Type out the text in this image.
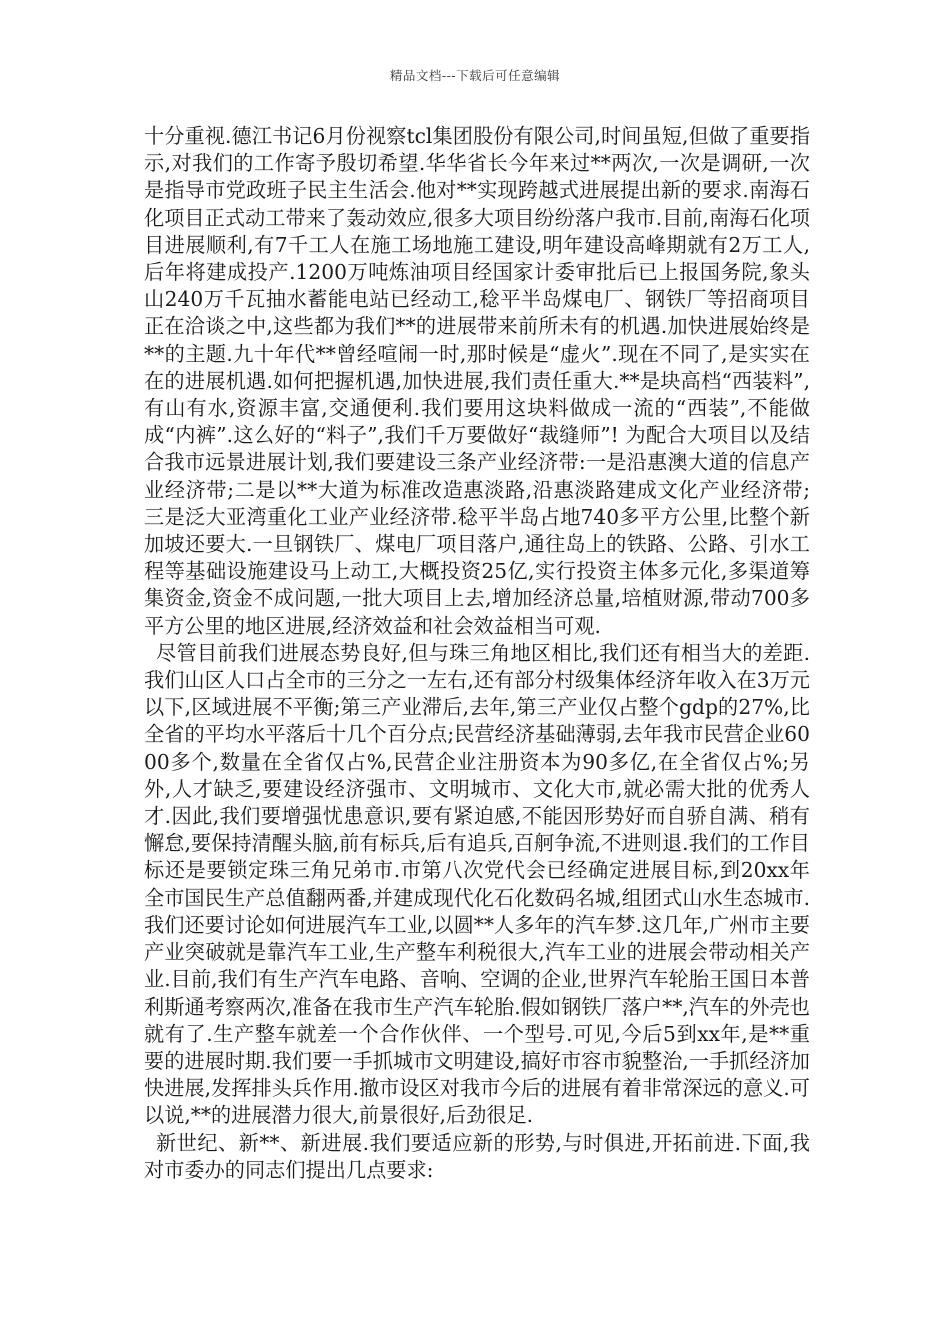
精品文档---下载后可任意编辑

十分重视.德江书记6月份视察tcl集团股份有限公司,时间虽短,但做了重要指示,对我们的工作寄予殷切希望.华华省长今年来过**两次,一次是调研,一次是指导市党政班子民主生活会.他对**实现跨越式进展提出新的要求.南海石化项目正式动工带来了轰动效应,很多大项目纷纷落户我市.目前,南海石化项目进展顺利,有7千工人在施工场地施工建设,明年建设高峰期就有2万工人,后年将建成投产.1200万吨炼油项目经国家计委审批后已上报国务院,象头山240万千瓦抽水蓄能电站已经动工,稔平半岛煤电厂、钢铁厂等招商项目正在洽谈之中,这些都为我们**的进展带来前所未有的机遇.加快进展始终是**的主题.九十年代**曾经喧闹一时,那时候是“虚火”.现在不同了,是实实在在的进展机遇.如何把握机遇,加快进展,我们责任重大.**是块高档“西装料”,有山有水,资源丰富,交通便利.我们要用这块料做成一流的“西装”,不能做成“内裤”.这么好的“料子”,我们千万要做好“裁缝师”! 为配合大项目以及结合我市远景进展计划,我们要建设三条产业经济带:一是沿惠澳大道的信息产业经济带;二是以**大道为标准改造惠淡路,沿惠淡路建成文化产业经济带;三是泛大亚湾重化工业产业经济带.稔平半岛占地740多平方公里,比整个新加坡还要大.一旦钢铁厂、煤电厂项目落户,通往岛上的铁路、公路、引水工程等基础设施建设马上动工,大概投资25亿,实行投资主体多元化,多渠道筹集资金,资金不成问题,一批大项目上去,增加经济总量,培植财源,带动700多平方公里的地区进展,经济效益和社会效益相当可观.

尽管目前我们进展态势良好,但与珠三角地区相比,我们还有相当大的差距.我们山区人口占全市的三分之一左右,还有部分村级集体经济年收入在3万元以下,区域进展不平衡;第三产业滞后,去年,第三产业仅占整个gdp的27%,比全省的平均水平落后十几个百分点;民营经济基础薄弱,去年我市民营企业6000多个,数量在全省仅占%,民营企业注册资本为90多亿,在全省仅占%;另外,人才缺乏,要建设经济强市、文明城市、文化大市,就必需大批的优秀人才.因此,我们要增强忧患意识,要有紧迫感,不能因形势好而自骄自满、稍有懈怠,要保持清醒头脑,前有标兵,后有追兵,百舸争流,不进则退.我们的工作目标还是要锁定珠三角兄弟市.市第八次党代会已经确定进展目标,到20xx年全市国民生产总值翻两番,并建成现代化石化数码名城,组团式山水生态城市.我们还要讨论如何进展汽车工业,以圆**人多年的汽车梦.这几年,广州市主要产业突破就是靠汽车工业,生产整车利税很大,汽车工业的进展会带动相关产业.目前,我们有生产汽车电路、音响、空调的企业,世界汽车轮胎王国日本普利斯通考察两次,准备在我市生产汽车轮胎.假如钢铁厂落户**,汽车的外壳也就有了.生产整车就差一个合作伙伴、一个型号.可见,今后5到xx年,是**重要的进展时期.我们要一手抓城市文明建设,搞好市容市貌整治,一手抓经济加快进展,发挥排头兵作用.撤市设区对我市今后的进展有着非常深远的意义.可以说,**的进展潜力很大,前景很好,后劲很足.

新世纪、新**、新进展.我们要适应新的形势,与时俱进,开拓前进.下面,我对市委办的同志们提出几点要求:
